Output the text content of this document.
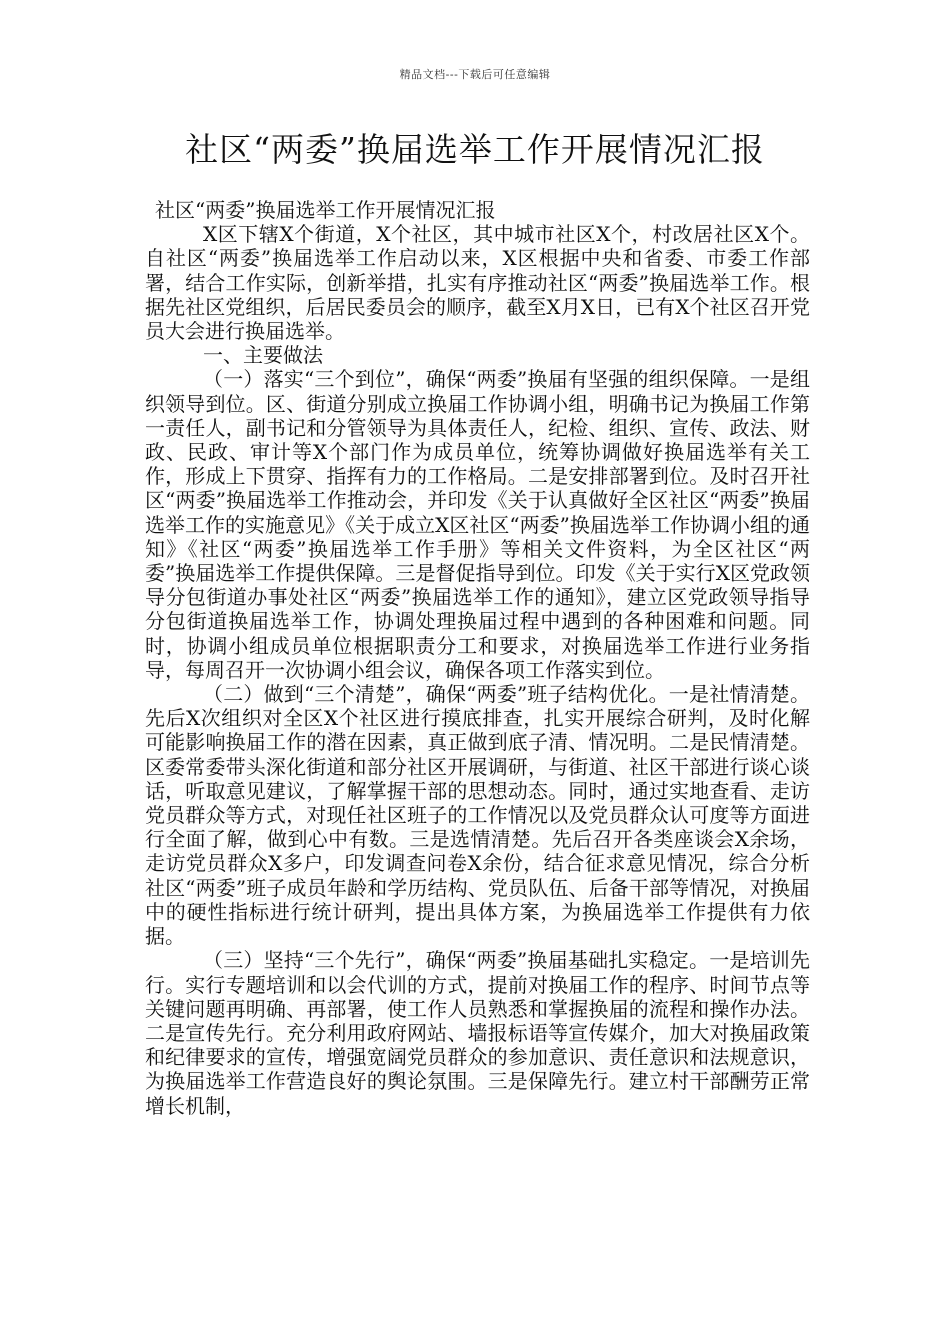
精品文档---下载后可任意编辑
社区“两委”换届选举工作开展情况汇报

社区“两委”换届选举工作开展情况汇报

X区下辖X个街道，X个社区，其中城市社区X个，村改居社区X个。自社区“两委”换届选举工作启动以来，X区根据中央和省委、市委工作部署，结合工作实际，创新举措，扎实有序推动社区“两委”换届选举工作。根据先社区党组织，后居民委员会的顺序，截至X月X日，已有X个社区召开党员大会进行换届选举。

一、主要做法

（一）落实“三个到位”，确保“两委”换届有坚强的组织保障。一是组织领导到位。区、街道分别成立换届工作协调小组，明确书记为换届工作第一责任人，副书记和分管领导为具体责任人，纪检、组织、宣传、政法、财政、民政、审计等X个部门作为成员单位，统筹协调做好换届选举有关工作，形成上下贯穿、指挥有力的工作格局。二是安排部署到位。及时召开社区“两委”换届选举工作推动会，并印发《关于认真做好全区社区“两委”换届选举工作的实施意见》《关于成立X区社区“两委”换届选举工作协调小组的通知》《社区“两委”换届选举工作手册》等相关文件资料，为全区社区“两委”换届选举工作提供保障。三是督促指导到位。印发《关于实行X区党政领导分包街道办事处社区“两委”换届选举工作的通知》，建立区党政领导指导分包街道换届选举工作，协调处理换届过程中遇到的各种困难和问题。同时，协调小组成员单位根据职责分工和要求，对换届选举工作进行业务指导，每周召开一次协调小组会议，确保各项工作落实到位。

（二）做到“三个清楚”，确保“两委”班子结构优化。一是社情清楚。先后X次组织对全区X个社区进行摸底排查，扎实开展综合研判，及时化解可能影响换届工作的潜在因素，真正做到底子清、情况明。二是民情清楚。区委常委带头深化街道和部分社区开展调研，与街道、社区干部进行谈心谈话，听取意见建议，了解掌握干部的思想动态。同时，通过实地查看、走访党员群众等方式，对现任社区班子的工作情况以及党员群众认可度等方面进行全面了解，做到心中有数。三是选情清楚。先后召开各类座谈会X余场，走访党员群众X多户，印发调查问卷X余份，结合征求意见情况，综合分析社区“两委”班子成员年龄和学历结构、党员队伍、后备干部等情况，对换届中的硬性指标进行统计研判，提出具体方案，为换届选举工作提供有力依据。

（三）坚持“三个先行”，确保“两委”换届基础扎实稳定。一是培训先行。实行专题培训和以会代训的方式，提前对换届工作的程序、时间节点等关键问题再明确、再部署，使工作人员熟悉和掌握换届的流程和操作办法。二是宣传先行。充分利用政府网站、墙报标语等宣传媒介，加大对换届政策和纪律要求的宣传，增强宽阔党员群众的参加意识、责任意识和法规意识，为换届选举工作营造良好的舆论氛围。三是保障先行。建立村干部酬劳正常增长机制，
